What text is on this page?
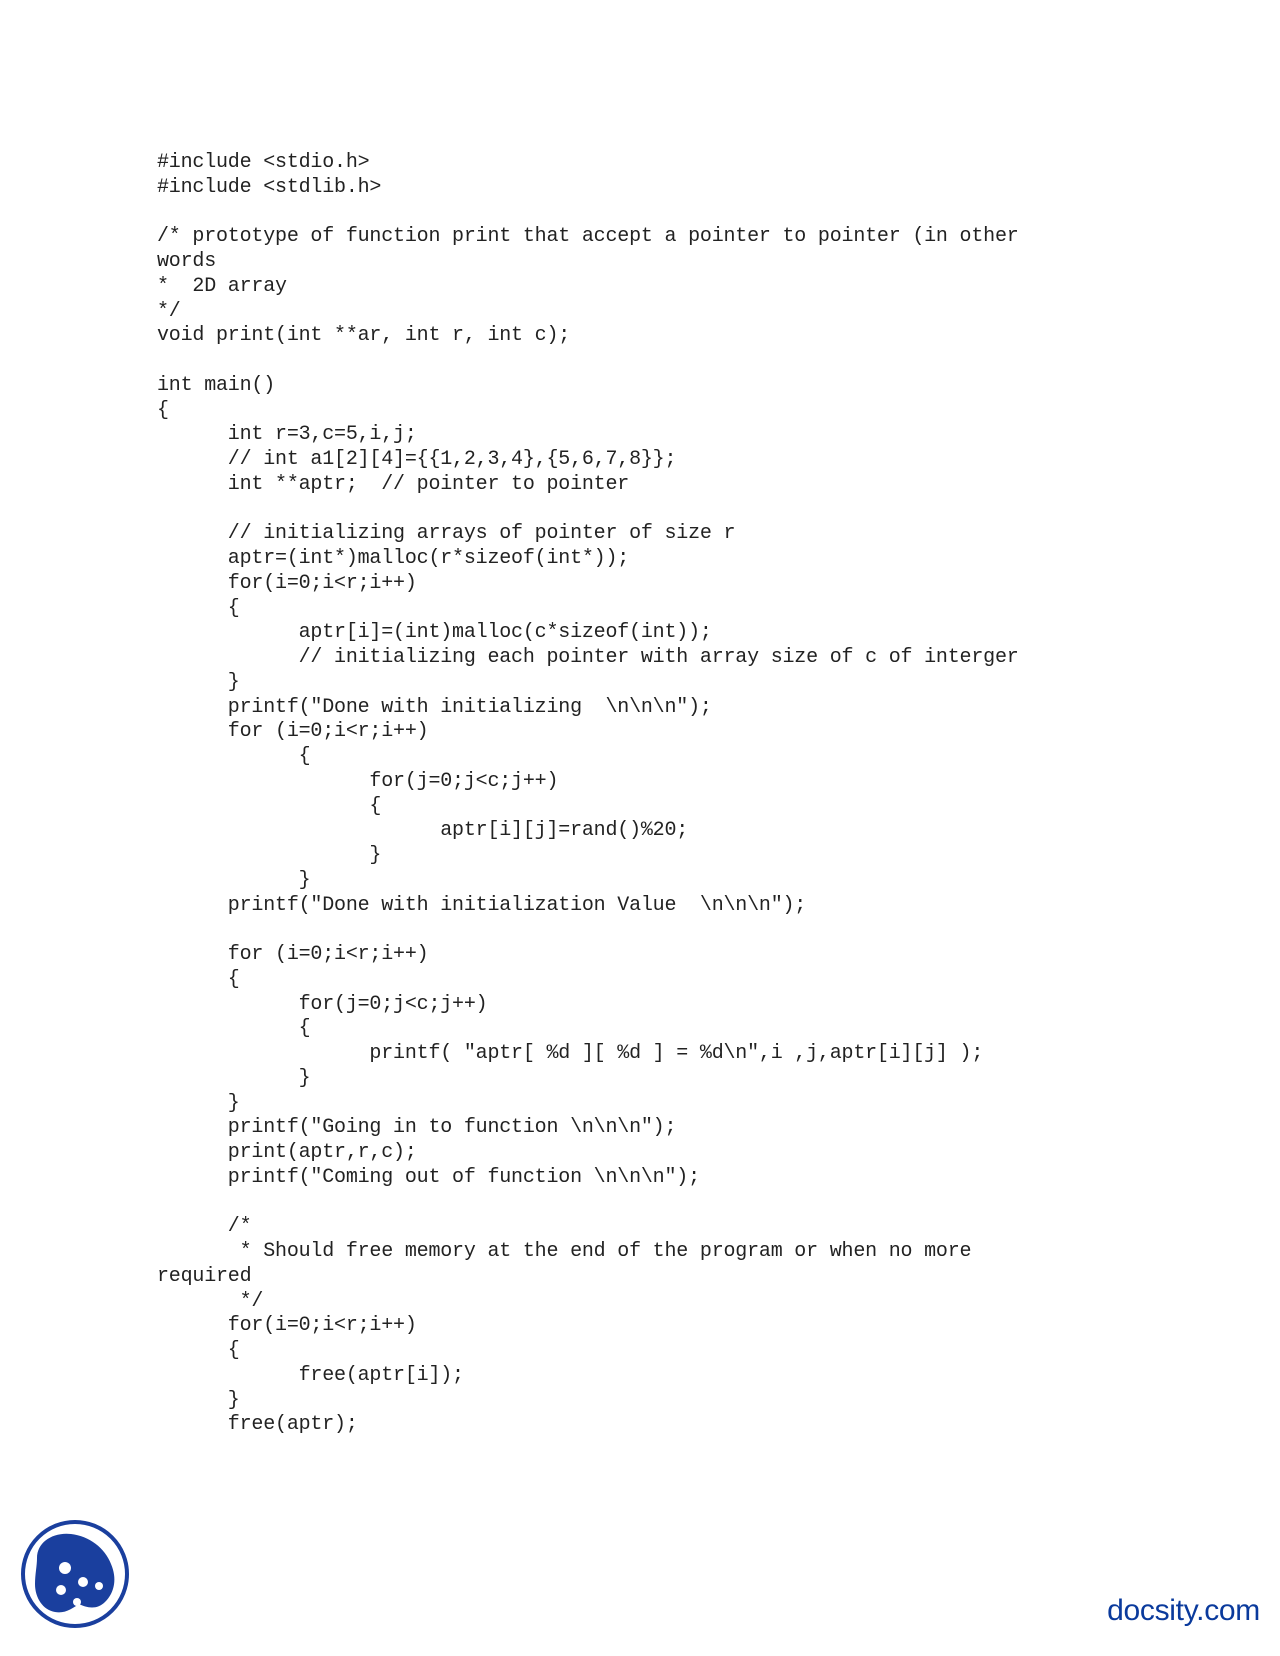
#include <stdio.h>
#include <stdlib.h>
/* prototype of function print that accept a pointer to pointer (in other
words
*  2D array
*/
void print(int **ar, int r, int c);
int main()
{
int r=3,c=5,i,j;
// int a1[2][4]={{1,2,3,4},{5,6,7,8}};
int **aptr;  // pointer to pointer
// initializing arrays of pointer of size r
aptr=(int*)malloc(r*sizeof(int*));
for(i=0;i<r;i++)
{
aptr[i]=(int)malloc(c*sizeof(int));
// initializing each pointer with array size of c of interger
}
printf("Done with initializing  \n\n\n");
for (i=0;i<r;i++)
{
for(j=0;j<c;j++)
{
aptr[i][j]=rand()%20;
}
}
printf("Done with initialization Value  \n\n\n");
for (i=0;i<r;i++)
{
for(j=0;j<c;j++)
{
printf( "aptr[ %d ][ %d ] = %d\n",i ,j,aptr[i][j] );
}
}
printf("Going in to function \n\n\n");
print(aptr,r,c);
printf("Coming out of function \n\n\n");
/*
* Should free memory at the end of the program or when no more
required
*/
for(i=0;i<r;i++)
{
free(aptr[i]);
}
free(aptr);
docsity.com
